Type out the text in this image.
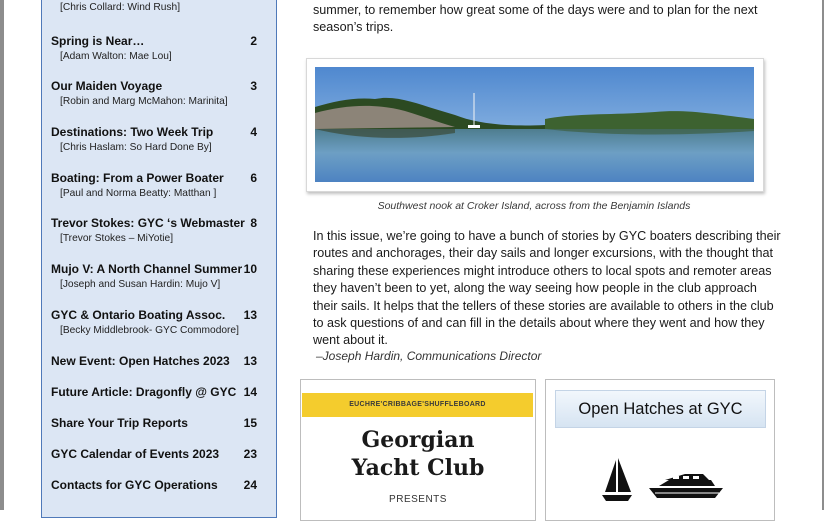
[Chris Collard: Wind Rush]
Spring is Near…	2
[Adam Walton: Mae Lou]
Our Maiden Voyage	3
[Robin and Marg McMahon: Marinita]
Destinations: Two Week Trip	4
[Chris Haslam: So Hard Done By]
Boating: From a Power Boater	6
[Paul and Norma Beatty: Matthan ]
Trevor Stokes: GYC ‘s Webmaster 8
[Trevor Stokes – MiYotie]
Mujo V: A North Channel Summer 10
[Joseph and Susan Hardin: Mujo V]
GYC & Ontario Boating Assoc.	13
[Becky Middlebrook- GYC Commodore]
New Event: Open Hatches 2023	13
Future Article: Dragonfly @ GYC 14
Share Your Trip Reports	15
GYC Calendar of Events 2023	23
Contacts for GYC Operations	24
summer, to remember how great some of the days were and to plan for the next season’s trips.
Southwest nook at Croker Island, across from the Benjamin Islands
In this issue, we’re going to have a bunch of stories by GYC boaters describing their routes and anchorages, their day sails and longer excursions, with the thought that sharing these experiences might introduce others to local spots and remoter areas they haven’t been to yet, along the way seeing how people in the club approach their sails. It helps that the tellers of these stories are available to others in the club to ask questions of and can fill in the details about where they went and how they went about it.
–Joseph Hardin, Communications Director
EUCHRE'CRIBBAGE'SHUFFLEBOARD
Georgian
Yacht Club
PRESENTS
Open Hatches at GYC
